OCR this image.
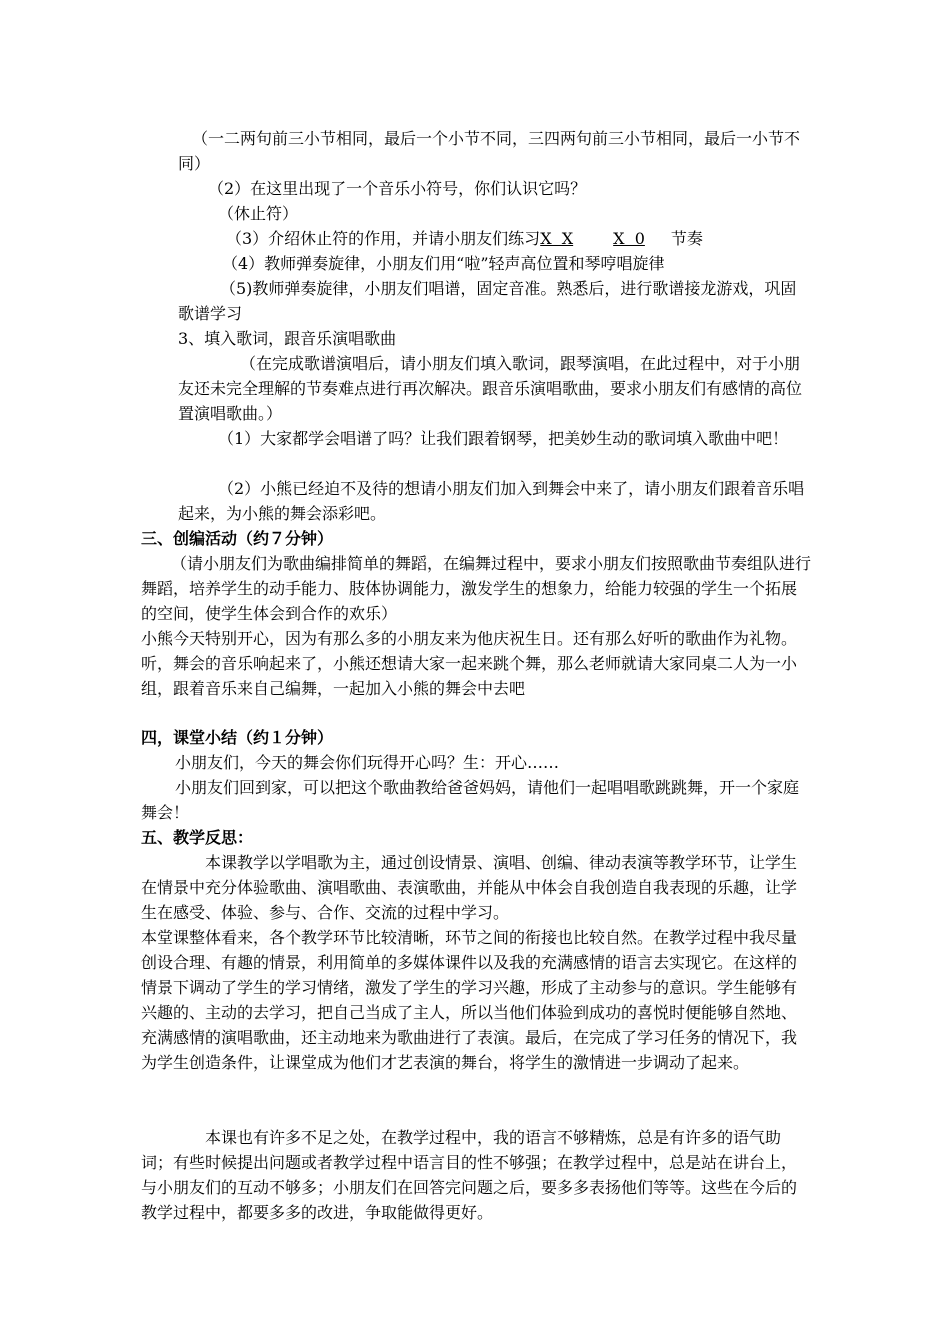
（一二两句前三小节相同，最后一个小节不同，三四两句前三小节相同，最后一小节不同）
（2）在这里出现了一个音乐小符号，你们认识它吗？
（休止符）
（3）介绍休止符的作用，并请小朋友们练习X  X	X  0 节奏
（4）教师弹奏旋律，小朋友们用“啦”轻声高位置和琴哼唱旋律
（5)教师弹奏旋律，小朋友们唱谱，固定音准。熟悉后，进行歌谱接龙游戏，巩固歌谱学习
3、填入歌词，跟音乐演唱歌曲
（在完成歌谱演唱后，请小朋友们填入歌词，跟琴演唱，在此过程中，对于小朋友还未完全理解的节奏难点进行再次解决。跟音乐演唱歌曲，要求小朋友们有感情的高位置演唱歌曲。）
（1）大家都学会唱谱了吗？让我们跟着钢琴，把美妙生动的歌词填入歌曲中吧！
（2）小熊已经迫不及待的想请小朋友们加入到舞会中来了，请小朋友们跟着音乐唱起来，为小熊的舞会添彩吧。
三、创编活动（约７分钟）
（请小朋友们为歌曲编排简单的舞蹈，在编舞过程中，要求小朋友们按照歌曲节奏组队进行舞蹈，培养学生的动手能力、肢体协调能力，激发学生的想象力，给能力较强的学生一个拓展的空间，使学生体会到合作的欢乐）
小熊今天特别开心，因为有那么多的小朋友来为他庆祝生日。还有那么好听的歌曲作为礼物。听，舞会的音乐响起来了，小熊还想请大家一起来跳个舞，那么老师就请大家同桌二人为一小组，跟着音乐来自己编舞，一起加入小熊的舞会中去吧
四，课堂小结（约１分钟）
小朋友们，今天的舞会你们玩得开心吗？生：开心……
小朋友们回到家，可以把这个歌曲教给爸爸妈妈，请他们一起唱唱歌跳跳舞，开一个家庭舞会！
五、教学反思：
本课教学以学唱歌为主，通过创设情景、演唱、创编、律动表演等教学环节，让学生在情景中充分体验歌曲、演唱歌曲、表演歌曲，并能从中体会自我创造自我表现的乐趣，让学生在感受、体验、参与、合作、交流的过程中学习。
本堂课整体看来，各个教学环节比较清晰，环节之间的衔接也比较自然。在教学过程中我尽量创设合理、有趣的情景，利用简单的多媒体课件以及我的充满感情的语言去实现它。在这样的情景下调动了学生的学习情绪，激发了学生的学习兴趣，形成了主动参与的意识。学生能够有兴趣的、主动的去学习，把自己当成了主人，所以当他们体验到成功的喜悦时便能够自然地、充满感情的演唱歌曲，还主动地来为歌曲进行了表演。最后，在完成了学习任务的情况下，我为学生创造条件，让课堂成为他们才艺表演的舞台，将学生的激情进一步调动了起来。
本课也有许多不足之处，在教学过程中，我的语言不够精炼，总是有许多的语气助词；有些时候提出问题或者教学过程中语言目的性不够强；在教学过程中，总是站在讲台上，与小朋友们的互动不够多；小朋友们在回答完问题之后，要多多表扬他们等等。这些在今后的教学过程中，都要多多的改进，争取能做得更好。
